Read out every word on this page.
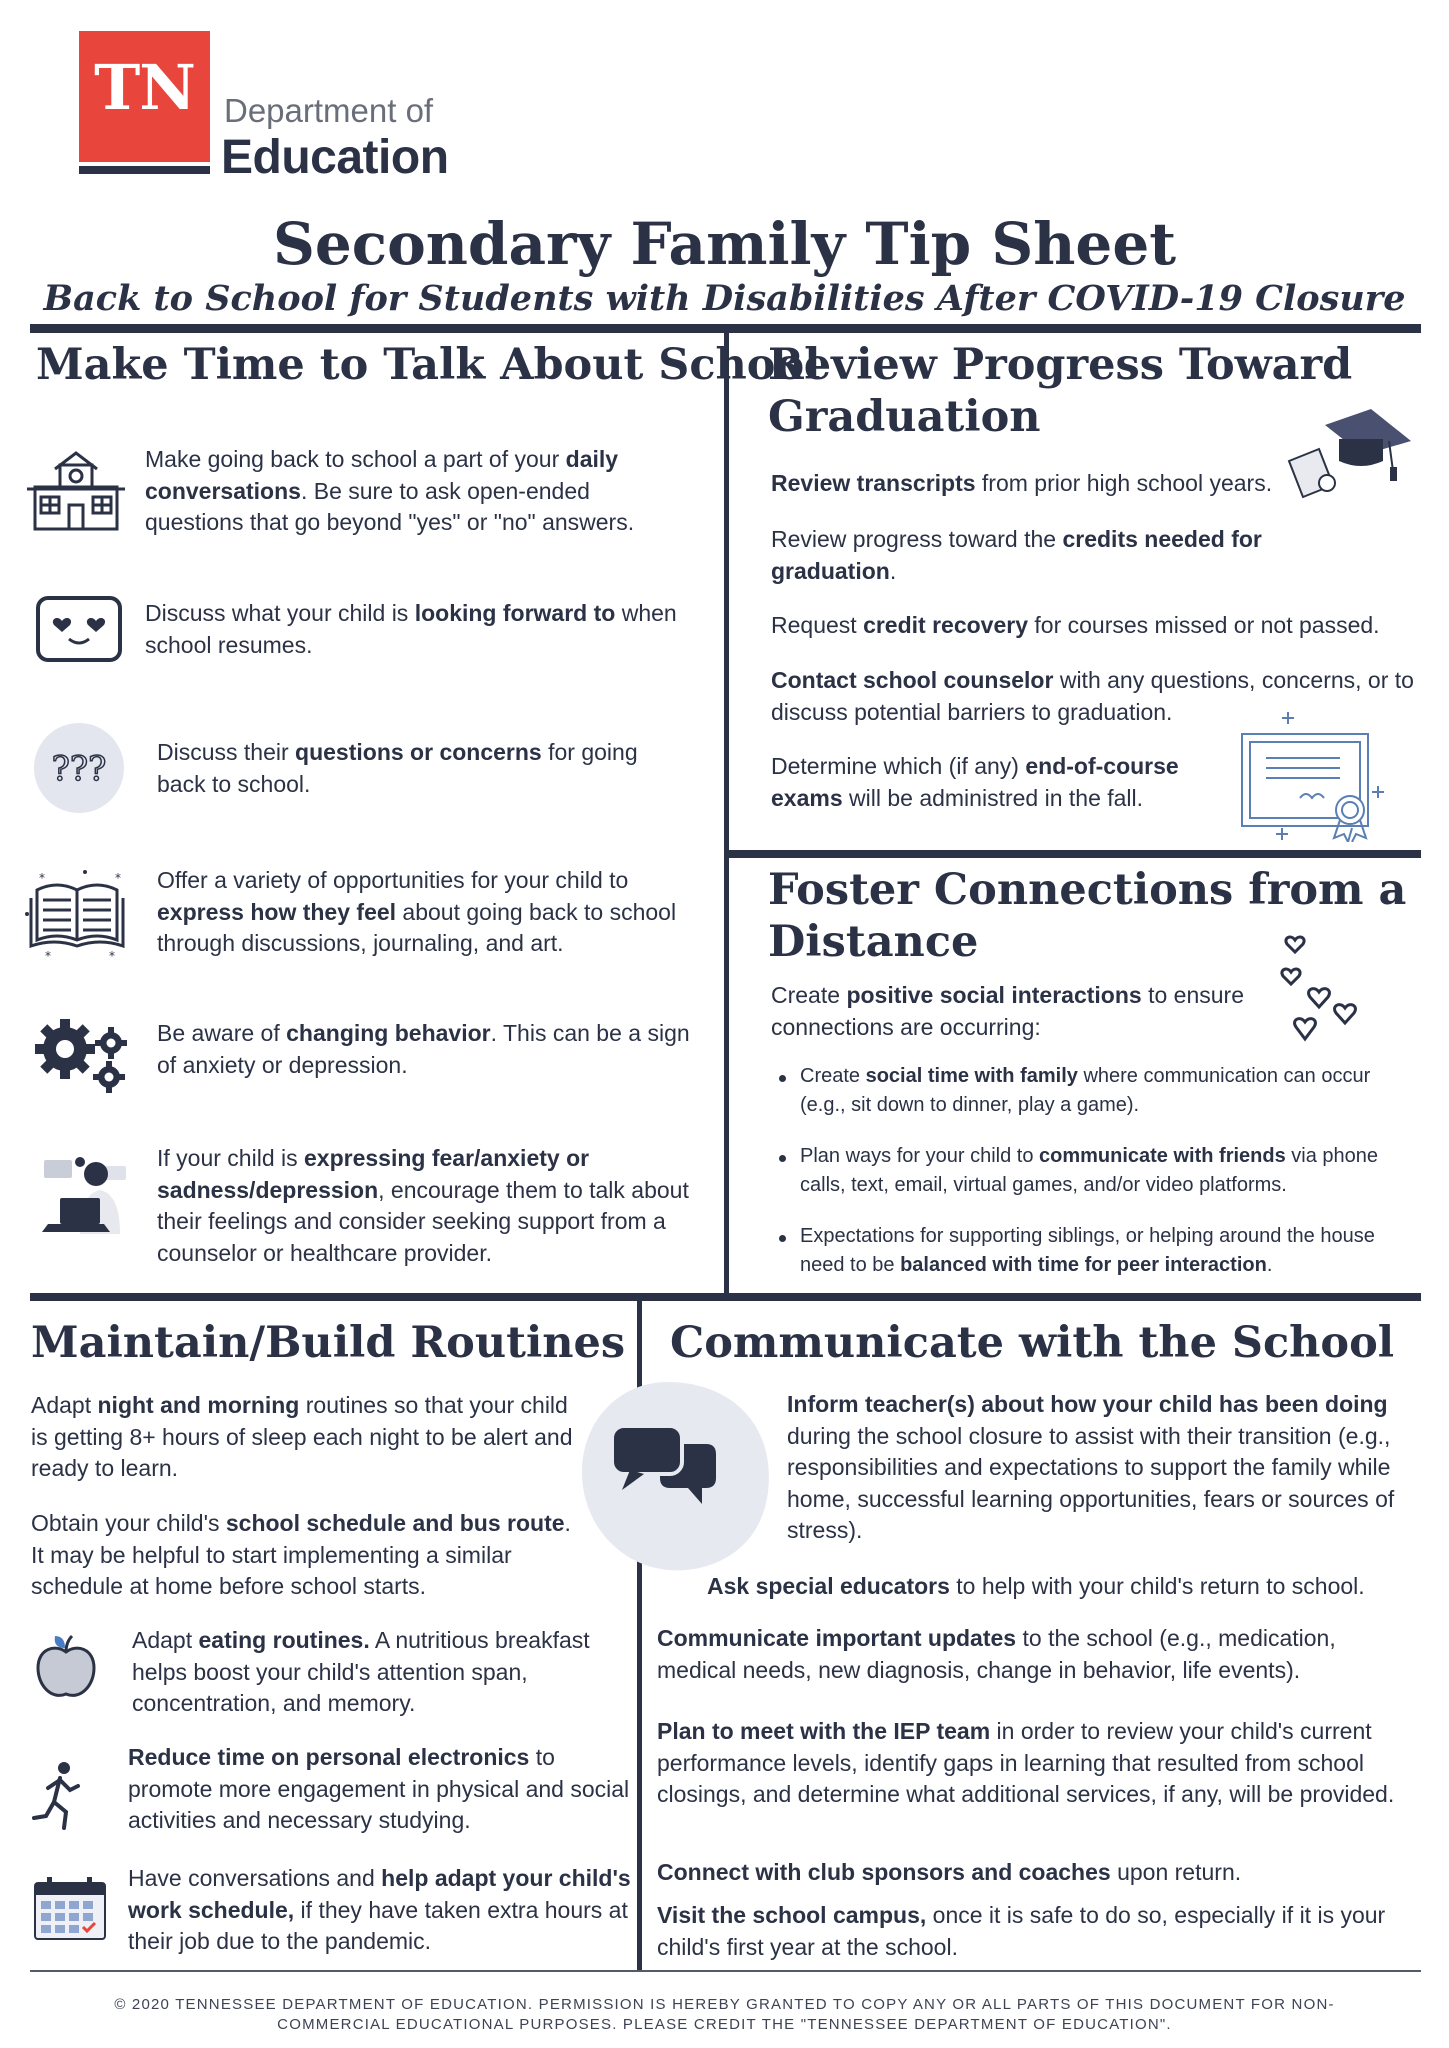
TN Department of
Education
Secondary Family Tip Sheet
Back to School for Students with Disabilities After COVID-19 Closure
Make Time to Talk About School
Make going back to school a part of your daily conversations. Be sure to ask open-ended questions that go beyond "yes" or "no" answers.
Discuss what your child is looking forward to when school resumes.
??? Discuss their questions or concerns for going back to school.
*	*
*	*
Offer a variety of opportunities for your child to express how they feel about going back to school through discussions, journaling, and art.
Be aware of changing behavior. This can be a sign of anxiety or depression.
If your child is expressing fear/anxiety or sadness/depression, encourage them to talk about their feelings and consider seeking support from a counselor or healthcare provider.
Review Progress Toward
Graduation
Review transcripts from prior high school years.
Review progress toward the credits needed for graduation.
Request credit recovery for courses missed or not passed.
Contact school counselor with any questions, concerns, or to discuss potential barriers to graduation.
Determine which (if any) end-of-course exams will be administred in the fall.
Foster Connections from a
Distance
Create positive social interactions to ensure connections are occurring:
Create social time with family where communication can occur (e.g., sit down to dinner, play a game).
Plan ways for your child to communicate with friends via phone calls, text, email, virtual games, and/or video platforms.
Expectations for supporting siblings, or helping around the house need to be balanced with time for peer interaction.
Maintain/Build Routines
Adapt night and morning routines so that your child is getting 8+ hours of sleep each night to be alert and ready to learn.
Obtain your child's school schedule and bus route. It may be helpful to start implementing a similar schedule at home before school starts.
Adapt eating routines. A nutritious breakfast helps boost your child's attention span, concentration, and memory.
Reduce time on personal electronics to promote more engagement in physical and social activities and necessary studying.
Have conversations and help adapt your child's work schedule, if they have taken extra hours at their job due to the pandemic.
Communicate with the School
Inform teacher(s) about how your child has been doing during the school closure to assist with their transition (e.g., responsibilities and expectations to support the family while home, successful learning opportunities, fears or sources of stress).
Ask special educators to help with your child's return to school.
Communicate important updates to the school (e.g., medication, medical needs, new diagnosis, change in behavior, life events).
Plan to meet with the IEP team in order to review your child's current performance levels, identify gaps in learning that resulted from school closings, and determine what additional services, if any, will be provided.
Connect with club sponsors and coaches upon return.
Visit the school campus, once it is safe to do so, especially if it is your child's first year at the school.
© 2020 TENNESSEE DEPARTMENT OF EDUCATION. PERMISSION IS HEREBY GRANTED TO COPY ANY OR ALL PARTS OF THIS DOCUMENT FOR NON-
COMMERCIAL EDUCATIONAL PURPOSES. PLEASE CREDIT THE "TENNESSEE DEPARTMENT OF EDUCATION".
